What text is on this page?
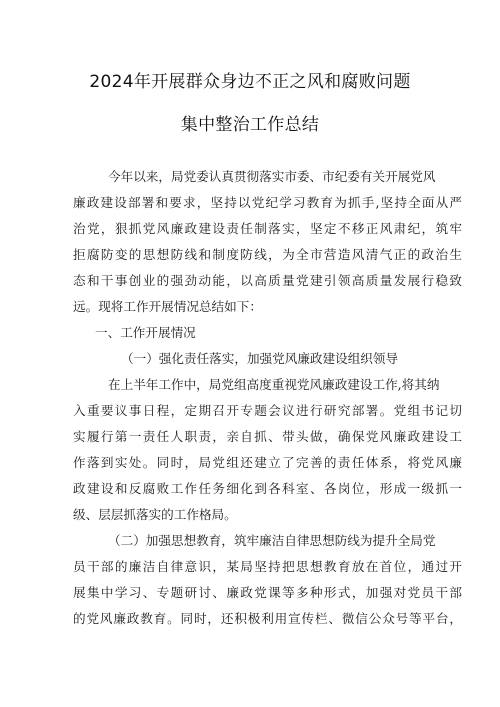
2024年开展群众身边不正之风和腐败问题
集中整治工作总结

今年以来，局党委认真贯彻落实市委、市纪委有关开展党风

廉政建设部署和要求，坚持以党纪学习教育为抓手,坚持全面从严

治党，狠抓党风廉政建设责任制落实，坚定不移正风肃纪，筑牢

拒腐防变的思想防线和制度防线，为全市营造风清气正的政治生

态和干事创业的强劲动能，以高质量党建引领高质量发展行稳致

远。现将工作开展情况总结如下：

一、工作开展情况

（一）强化责任落实，加强党风廉政建设组织领导

在上半年工作中，局党组高度重视党风廉政建设工作,将其纳

入重要议事日程，定期召开专题会议进行研究部署。党组书记切

实履行第一责任人职责，亲自抓、带头做，确保党风廉政建设工

作落到实处。同时，局党组还建立了完善的责任体系，将党风廉

政建设和反腐败工作任务细化到各科室、各岗位，形成一级抓一

级、层层抓落实的工作格局。

（二）加强思想教育，筑牢廉洁自律思想防线为提升全局党

员干部的廉洁自律意识，某局坚持把思想教育放在首位，通过开

展集中学习、专题研讨、廉政党课等多种形式，加强对党员干部

的党风廉政教育。同时，还积极利用宣传栏、微信公众号等平台，
